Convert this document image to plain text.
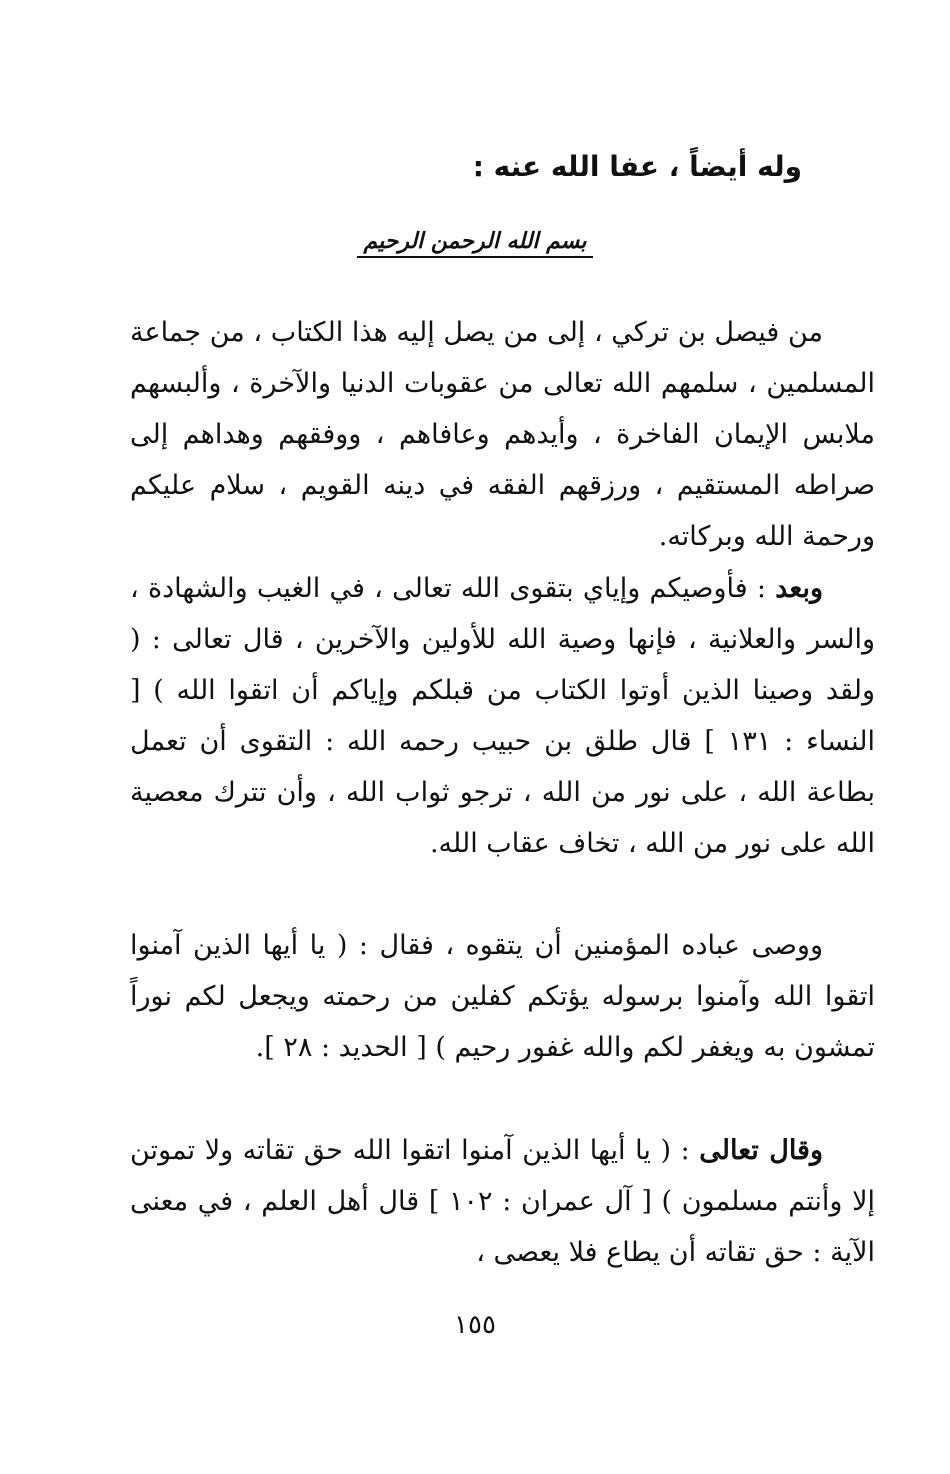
وله أيضاً ، عفا الله عنه :
بسم الله الرحمن الرحيم
من فيصل بن تركي ، إلى من يصل إليه هذا الكتاب ، من جماعة المسلمين ، سلمهم الله تعالى من عقوبات الدنيا والآخرة ، وألبسهم ملابس الإيمان الفاخرة ، وأيدهم وعافاهم ، ووفقهم وهداهم إلى صراطه المستقيم ، ورزقهم الفقه في دينه القويم ، سلام عليكم ورحمة الله وبركاته.
وبعد : فأوصيكم وإياي بتقوى الله تعالى ، في الغيب والشهادة ، والسر والعلانية ، فإنها وصية الله للأولين والآخرين ، قال تعالى : ( ولقد وصينا الذين أوتوا الكتاب من قبلكم وإياكم أن اتقوا الله ) [ النساء : ١٣١ ] قال طلق بن حبيب رحمه الله : التقوى أن تعمل بطاعة الله ، على نور من الله ، ترجو ثواب الله ، وأن تترك معصية الله على نور من الله ، تخاف عقاب الله.
ووصى عباده المؤمنين أن يتقوه ، فقال : ( يا أيها الذين آمنوا اتقوا الله وآمنوا برسوله يؤتكم كفلين من رحمته ويجعل لكم نوراً تمشون به ويغفر لكم والله غفور رحيم ) [ الحديد : ٢٨ ].
وقال تعالى : ( يا أيها الذين آمنوا اتقوا الله حق تقاته ولا تموتن إلا وأنتم مسلمون ) [ آل عمران : ١٠٢ ] قال أهل العلم ، في معنى الآية : حق تقاته أن يطاع فلا يعصى ،
١٥٥
